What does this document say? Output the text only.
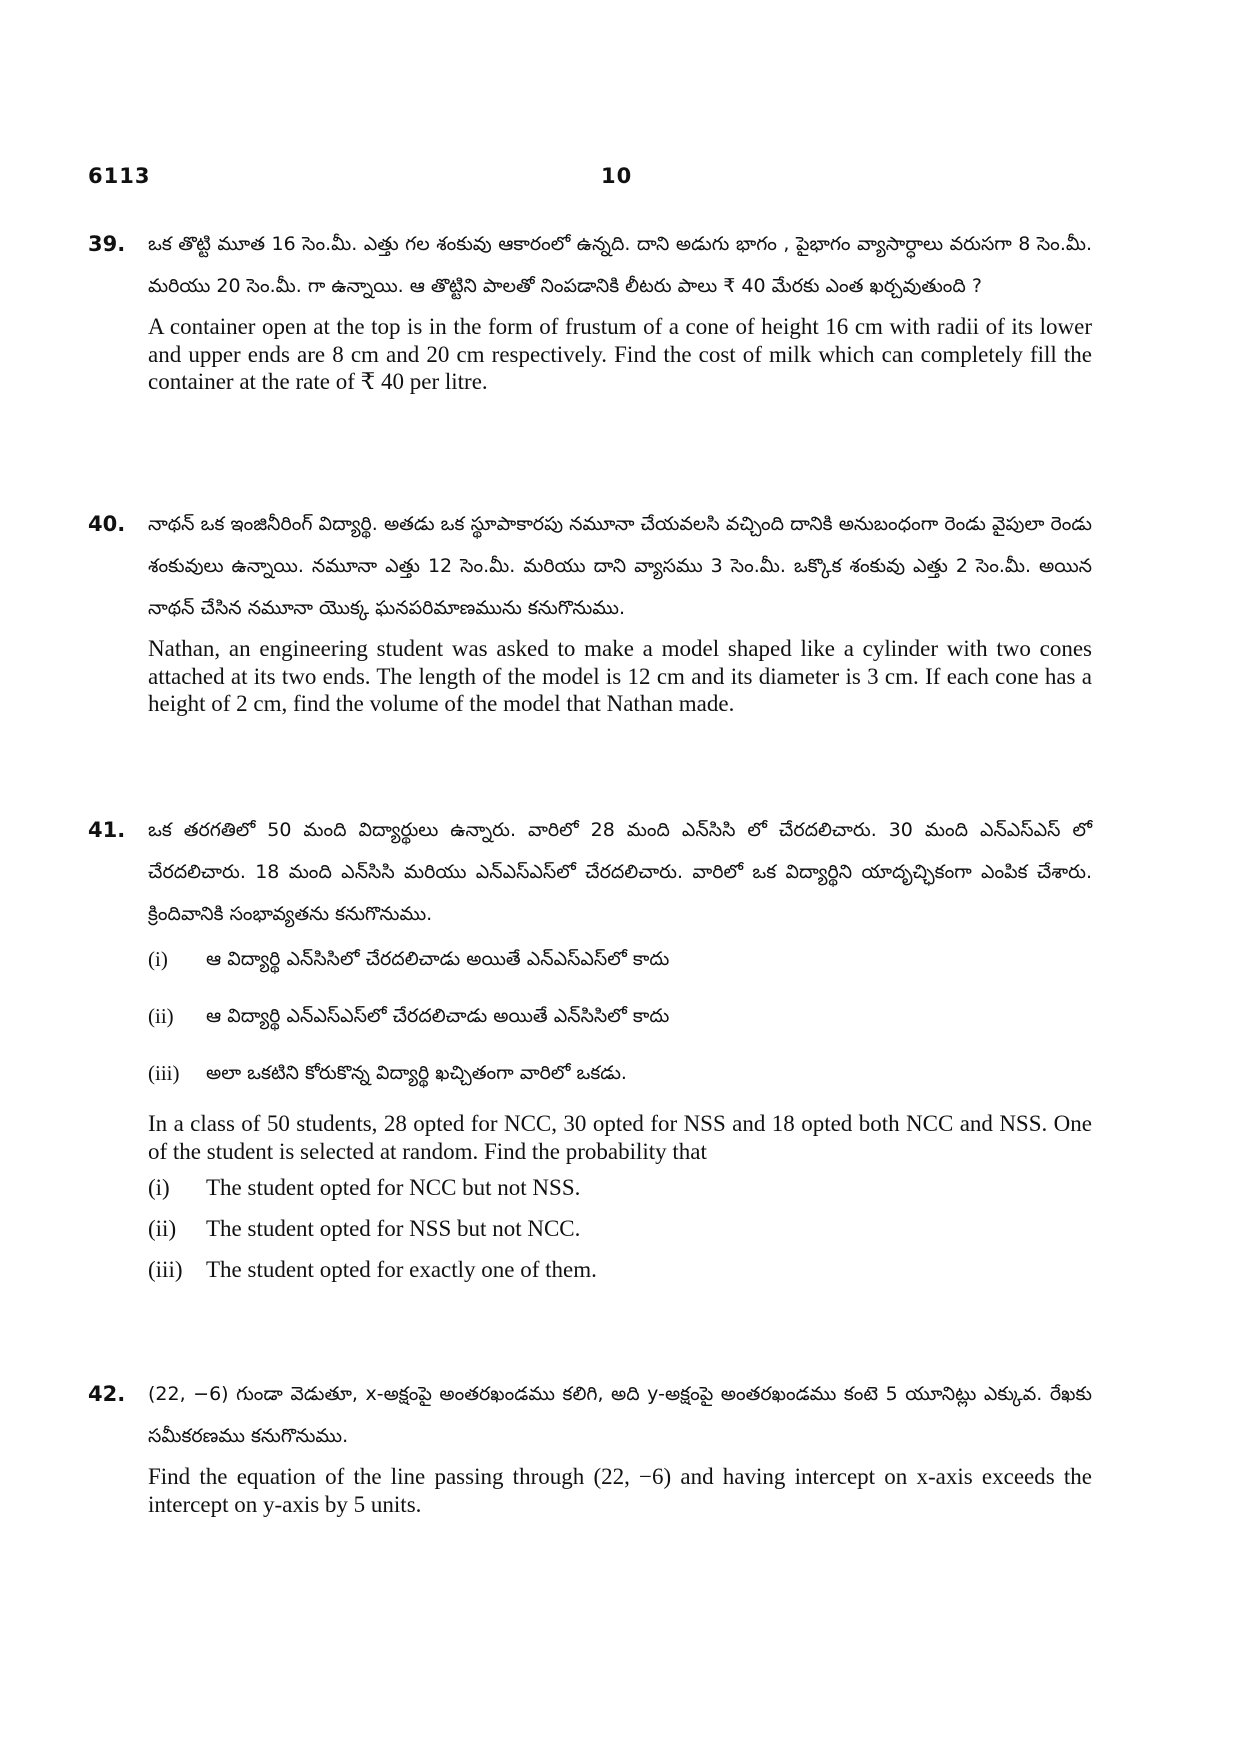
6113	10
39. ఒక తొట్టి మూత 16 సెం.మీ. ఎత్తు గల శంకువు ఆకారంలో ఉన్నది. దాని అడుగు భాగం , పైభాగం వ్యాసార్ధాలు వరుసగా 8 సెం.మీ. మరియు 20 సెం.మీ. గా ఉన్నాయి. ఆ తొట్టిని పాలతో నింపడానికి లీటరు పాలు ₹ 40 మేరకు ఎంత ఖర్చవుతుంది ?

A container open at the top is in the form of frustum of a cone of height 16 cm with radii of its lower and upper ends are 8 cm and 20 cm respectively. Find the cost of milk which can completely fill the container at the rate of ₹ 40 per litre.

40. నాథన్ ఒక ఇంజినీరింగ్ విద్యార్థి. అతడు ఒక స్థూపాకారపు నమూనా చేయవలసి వచ్చింది దానికి అనుబంధంగా రెండు వైపులా రెండు శంకువులు ఉన్నాయి. నమూనా ఎత్తు 12 సెం.మీ. మరియు దాని వ్యాసము 3 సెం.మీ. ఒక్కొక శంకువు ఎత్తు 2 సెం.మీ. అయిన నాథన్ చేసిన నమూనా యొక్క ఘనపరిమాణమును కనుగొనుము.

Nathan, an engineering student was asked to make a model shaped like a cylinder with two cones attached at its two ends. The length of the model is 12 cm and its diameter is 3 cm. If each cone has a height of 2 cm, find the volume of the model that Nathan made.

41. ఒక తరగతిలో 50 మంది విద్యార్థులు ఉన్నారు. వారిలో 28 మంది ఎన్‌సిసి లో చేరదలిచారు. 30 మంది ఎన్ఎస్ఎస్ లో చేరదలిచారు. 18 మంది ఎన్‌సిసి మరియు ఎన్ఎస్ఎస్‌లో చేరదలిచారు. వారిలో ఒక విద్యార్థిని యాదృచ్ఛికంగా ఎంపిక చేశారు. క్రిందివానికి సంభావ్యతను కనుగొనుము.

(i) ఆ విద్యార్థి ఎన్‌సిసిలో చేరదలిచాడు అయితే ఎన్ఎస్ఎస్‌లో కాదు
(ii) ఆ విద్యార్థి ఎన్ఎస్ఎస్‌లో చేరదలిచాడు అయితే ఎన్‌సిసిలో కాదు
(iii) అలా ఒకటిని కోరుకొన్న విద్యార్థి ఖచ్చితంగా వారిలో ఒకడు.

In a class of 50 students, 28 opted for NCC, 30 opted for NSS and 18 opted both NCC and NSS. One of the student is selected at random. Find the probability that

(i) The student opted for NCC but not NSS.
(ii) The student opted for NSS but not NCC.
(iii) The student opted for exactly one of them.
42. (22, −6) గుండా వెడుతూ, x-అక్షంపై అంతరఖండము కలిగి, అది y-అక్షంపై అంతరఖండము కంటె 5 యూనిట్లు ఎక్కువ. రేఖకు సమీకరణము కనుగొనుము.

Find the equation of the line passing through (22, −6) and having intercept on x-axis exceeds the intercept on y-axis by 5 units.
